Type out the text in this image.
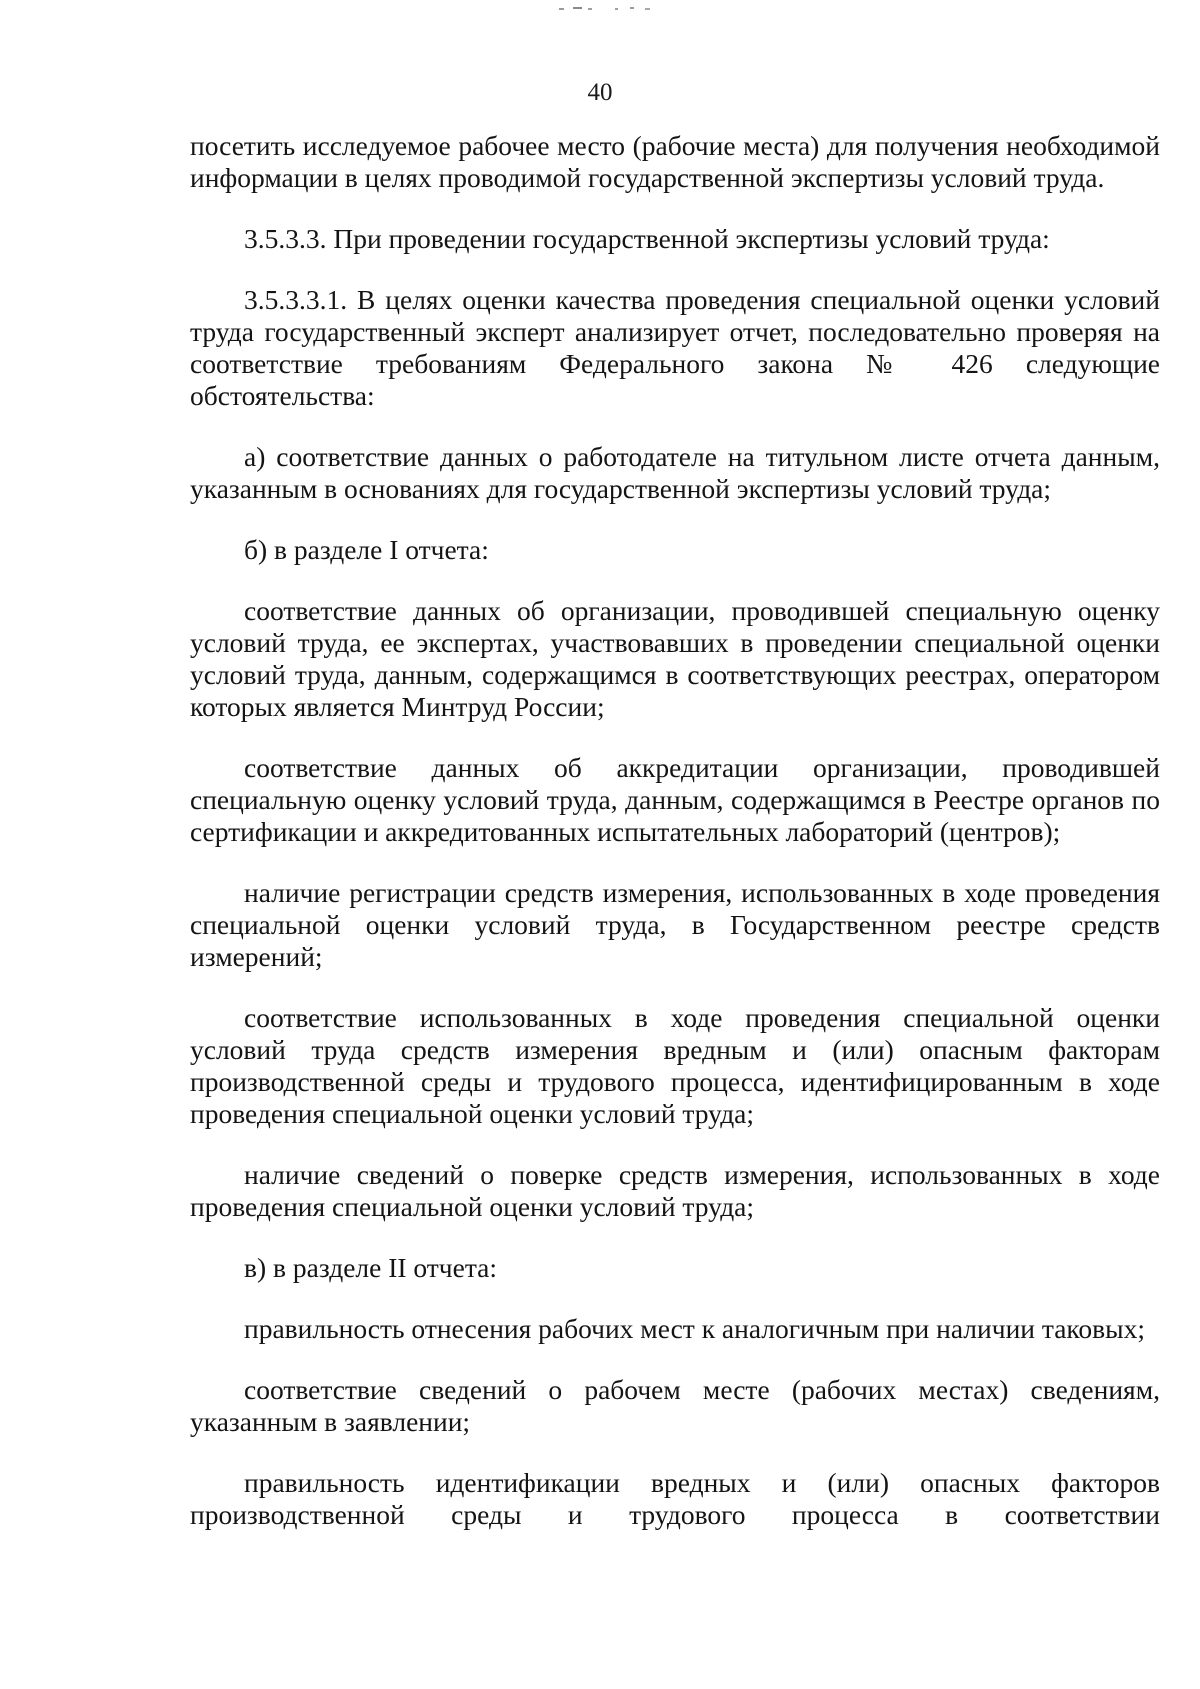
40

посетить исследуемое рабочее место (рабочие места) для получения необходимой информации в целях проводимой государственной экспертизы условий труда.

3.5.3.3. При проведении государственной экспертизы условий труда:

3.5.3.3.1. В целях оценки качества проведения специальной оценки условий труда государственный эксперт анализирует отчет, последовательно проверяя на соответствие требованиям Федерального закона № 426 следующие обстоятельства:

а) соответствие данных о работодателе на титульном листе отчета данным, указанным в основаниях для государственной экспертизы условий труда;

б) в разделе I отчета:

соответствие данных об организации, проводившей специальную оценку условий труда, ее экспертах, участвовавших в проведении специальной оценки условий труда, данным, содержащимся в соответствующих реестрах, оператором которых является Минтруд России;

соответствие данных об аккредитации организации, проводившей специальную оценку условий труда, данным, содержащимся в Реестре органов по сертификации и аккредитованных испытательных лабораторий (центров);

наличие регистрации средств измерения, использованных в ходе проведения специальной оценки условий труда, в Государственном реестре средств измерений;

соответствие использованных в ходе проведения специальной оценки условий труда средств измерения вредным и (или) опасным факторам производственной среды и трудового процесса, идентифицированным в ходе проведения специальной оценки условий труда;

наличие сведений о поверке средств измерения, использованных в ходе проведения специальной оценки условий труда;

в) в разделе II отчета:

правильность отнесения рабочих мест к аналогичным при наличии таковых;

соответствие сведений о рабочем месте (рабочих местах) сведениям, указанным в заявлении;

правильность идентификации вредных и (или) опасных факторов производственной среды и трудового процесса в соответствии
